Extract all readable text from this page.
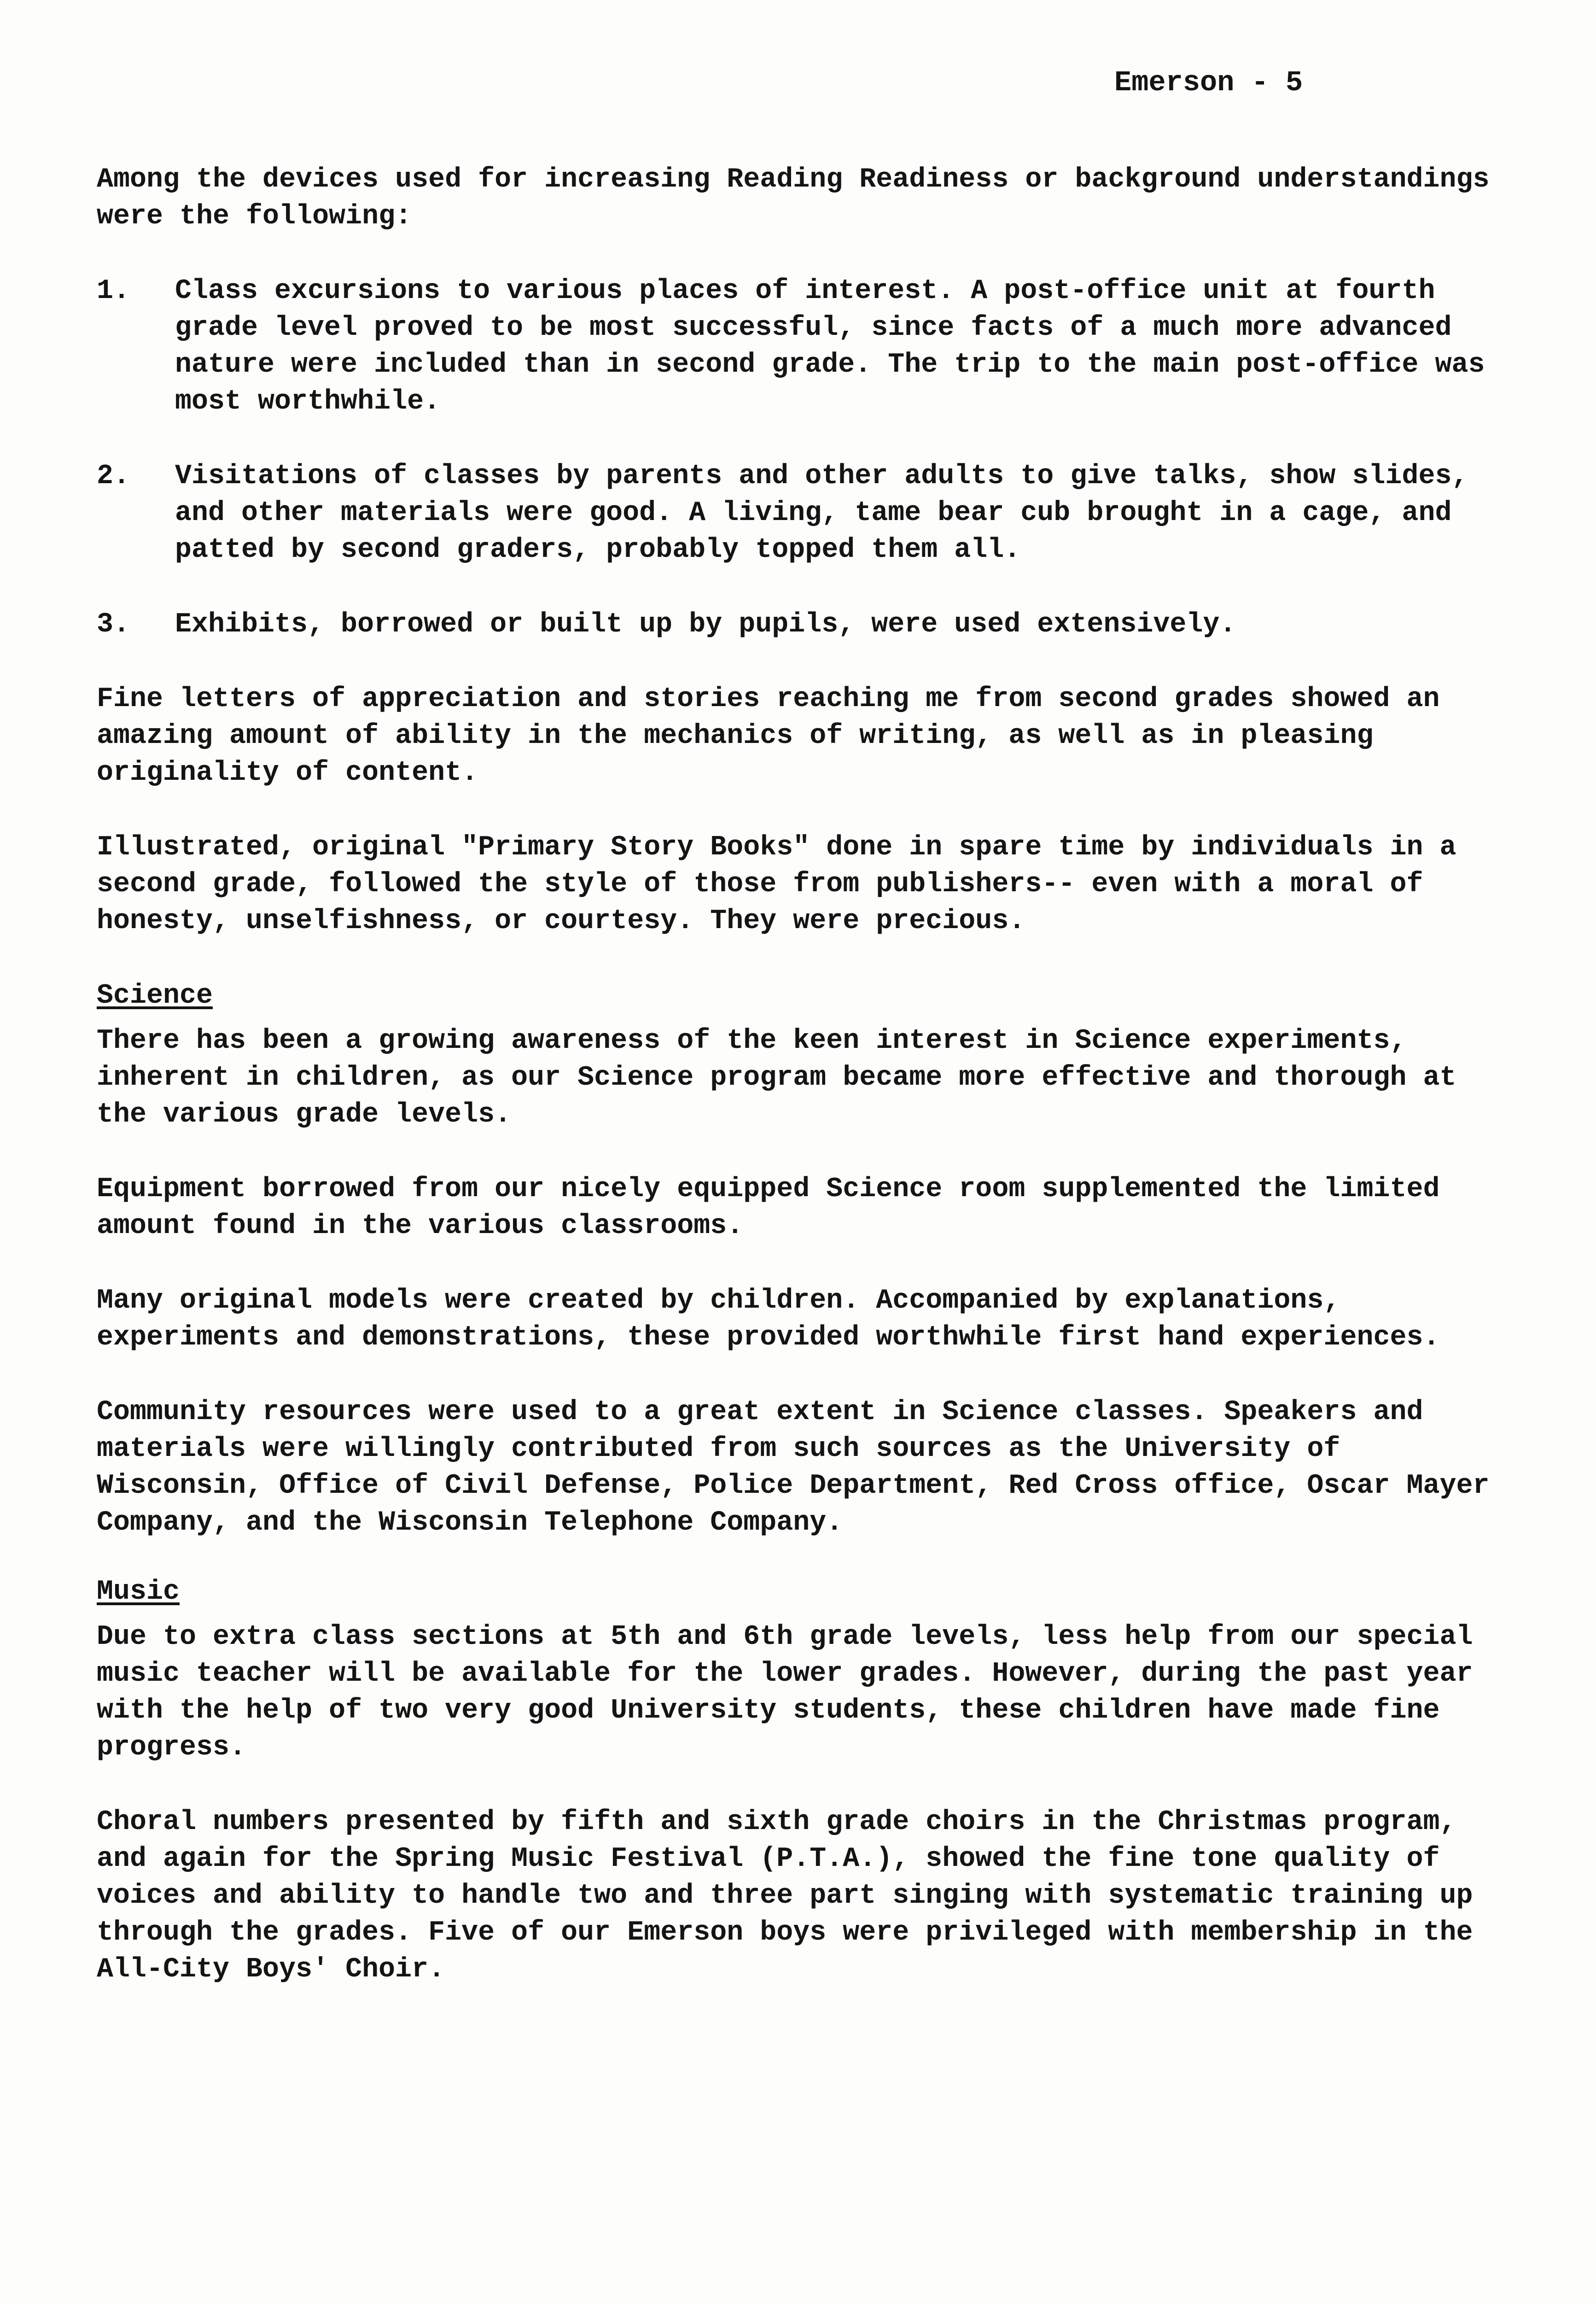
Emerson - 5

Among the devices used for increasing Reading Readiness or background understandings were the following:

1.	Class excursions to various places of interest. A post-office unit at fourth grade level proved to be most successful, since facts of a much more advanced nature were included than in second grade. The trip to the main post-office was most worthwhile.
2.	Visitations of classes by parents and other adults to give talks, show slides, and other materials were good. A living, tame bear cub brought in a cage, and patted by second graders, probably topped them all.
3.	Exhibits, borrowed or built up by pupils, were used extensively.

Fine letters of appreciation and stories reaching me from second grades showed an amazing amount of ability in the mechanics of writing, as well as in pleasing originality of content.

Illustrated, original "Primary Story Books" done in spare time by individuals in a second grade, followed the style of those from publishers-- even with a moral of honesty, unselfishness, or courtesy. They were precious.

Science

There has been a growing awareness of the keen interest in Science experiments, inherent in children, as our Science program became more effective and thorough at the various grade levels.

Equipment borrowed from our nicely equipped Science room supplemented the limited amount found in the various classrooms.

Many original models were created by children. Accompanied by explanations, experiments and demonstrations, these provided worthwhile first hand experiences.

Community resources were used to a great extent in Science classes. Speakers and materials were willingly contributed from such sources as the University of Wisconsin, Office of Civil Defense, Police Department, Red Cross office, Oscar Mayer Company, and the Wisconsin Telephone Company.

Music

Due to extra class sections at 5th and 6th grade levels, less help from our special music teacher will be available for the lower grades. However, during the past year with the help of two very good University students, these children have made fine progress.

Choral numbers presented by fifth and sixth grade choirs in the Christmas program, and again for the Spring Music Festival (P.T.A.), showed the fine tone quality of voices and ability to handle two and three part singing with systematic training up through the grades. Five of our Emerson boys were privileged with membership in the All-City Boys' Choir.
